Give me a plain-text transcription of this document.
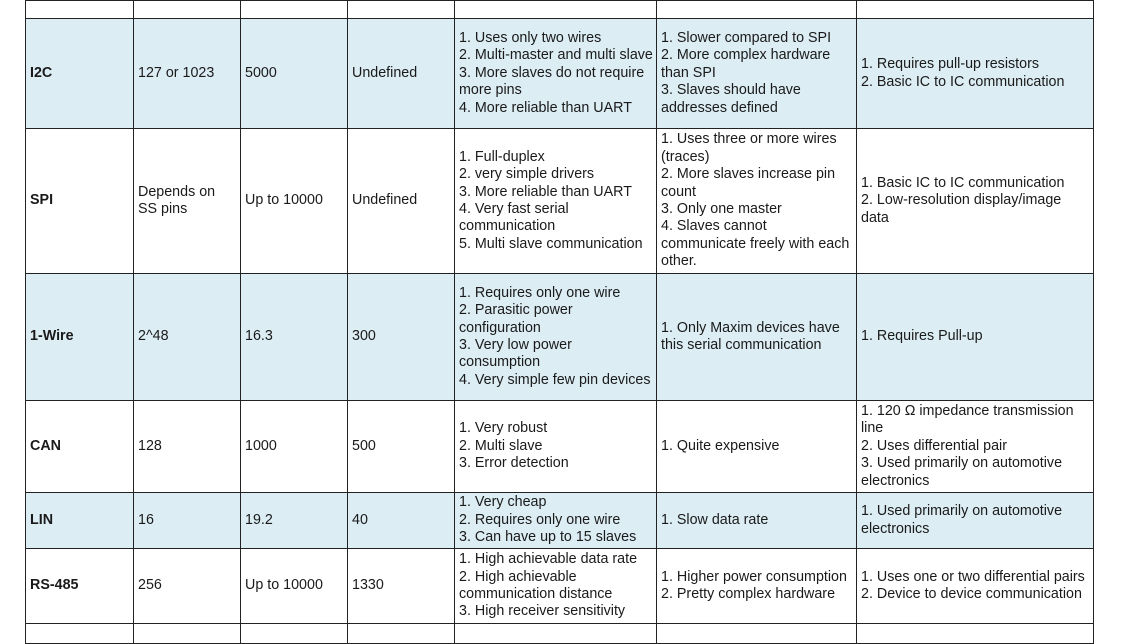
I2C	127 or 1023	5000	Undefined	1. Uses only two wires
2. Multi-master and multi slave
3. More slaves do not require more pins
4. More reliable than UART	1. Slower compared to SPI
2. More complex hardware than SPI
3. Slaves should have addresses defined	1. Requires pull-up resistors
2. Basic IC to IC communication

SPI	Depends on SS pins	Up to 10000	Undefined	1. Full-duplex
2. very simple drivers
3. More reliable than UART
4. Very fast serial communication
5. Multi slave communication	1. Uses three or more wires (traces)
2. More slaves increase pin count
3. Only one master
4. Slaves cannot communicate freely with each other.	1. Basic IC to IC communication
2. Low-resolution display/image data

1-Wire	2^48	16.3	300	1. Requires only one wire
2. Parasitic power configuration
3. Very low power consumption
4. Very simple few pin devices	1. Only Maxim devices have this serial communication	1. Requires Pull-up

CAN	128	1000	500	1. Very robust
2. Multi slave
3. Error detection	1. Quite expensive	1. 120 Ω impedance transmission line
2. Uses differential pair
3. Used primarily on automotive electronics

LIN	16	19.2	40	1. Very cheap
2. Requires only one wire
3. Can have up to 15 slaves	1. Slow data rate	1. Used primarily on automotive electronics

RS-485	256	Up to 10000	1330	1. High achievable data rate
2. High achievable communication distance
3. High receiver sensitivity	1. Higher power consumption
2. Pretty complex hardware	1. Uses one or two differential pairs
2. Device to device communication
